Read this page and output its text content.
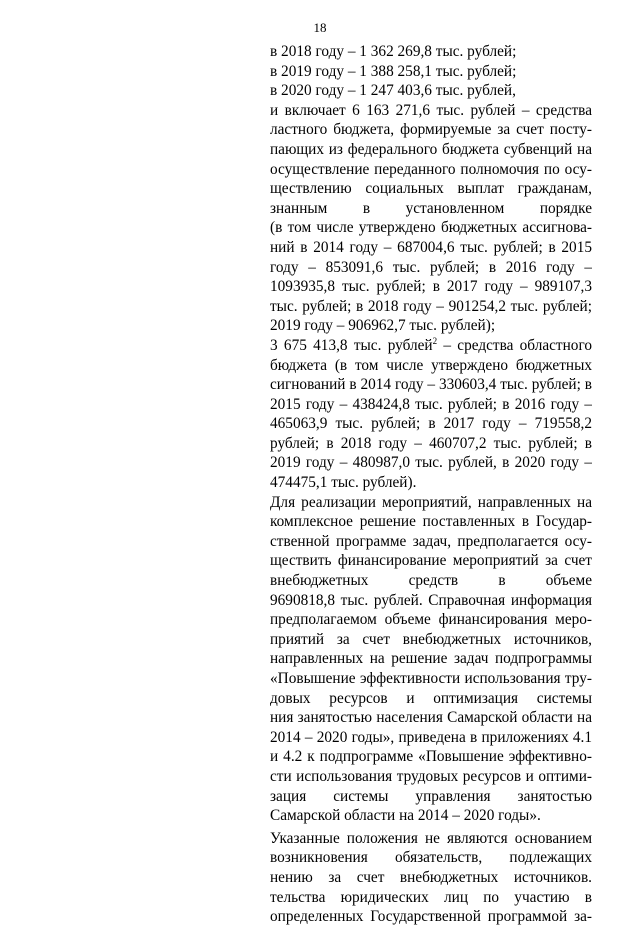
18
в 2018 году – 1 362 269,8 тыс. рублей;
в 2019 году – 1 388 258,1 тыс. рублей;
в 2020 году – 1 247 403,6 тыс. рублей,
и включает 6 163 271,6 тыс. рублей – средства
ластного бюджета, формируемые за счет посту-
пающих из федерального бюджета субвенций на
осуществление переданного полномочия по осу-
ществлению социальных выплат гражданам,
знанным в установленном порядке
(в том числе утверждено бюджетных ассигнова-
ний в 2014 году – 687004,6 тыс. рублей; в 2015
году – 853091,6 тыс. рублей; в 2016 году –
1093935,8 тыс. рублей; в 2017 году – 989107,3
тыс. рублей; в 2018 году – 901254,2 тыс. рублей;
2019 году – 906962,7 тыс. рублей);
3 675 413,8 тыс. рублей$^2$ – средства областного
бюджета (в том числе утверждено бюджетных
сигнований в 2014 году – 330603,4 тыс. рублей; в
2015 году – 438424,8 тыс. рублей; в 2016 году –
465063,9 тыс. рублей; в 2017 году – 719558,2
рублей; в 2018 году – 460707,2 тыс. рублей; в
2019 году – 480987,0 тыс. рублей, в 2020 году –
474475,1 тыс. рублей).
Для реализации мероприятий, направленных на
комплексное решение поставленных в Государ-
ственной программе задач, предполагается осу-
ществить финансирование мероприятий за счет
внебюджетных средств в объеме
9690818,8 тыс. рублей. Справочная информация
предполагаемом объеме финансирования меро-
приятий за счет внебюджетных источников,
направленных на решение задач подпрограммы
«Повышение эффективности использования тру-
довых ресурсов и оптимизация системы
ния занятостью населения Самарской области на
2014 – 2020 годы», приведена в приложениях 4.1
и 4.2 к подпрограмме «Повышение эффективно-
сти использования трудовых ресурсов и оптими-
зация системы управления занятостью
Самарской области на 2014 – 2020 годы».
Указанные положения не являются основанием
возникновения обязательств, подлежащих
нению за счет внебюджетных источников.
тельства юридических лиц по участию в
определенных Государственной программой за-
